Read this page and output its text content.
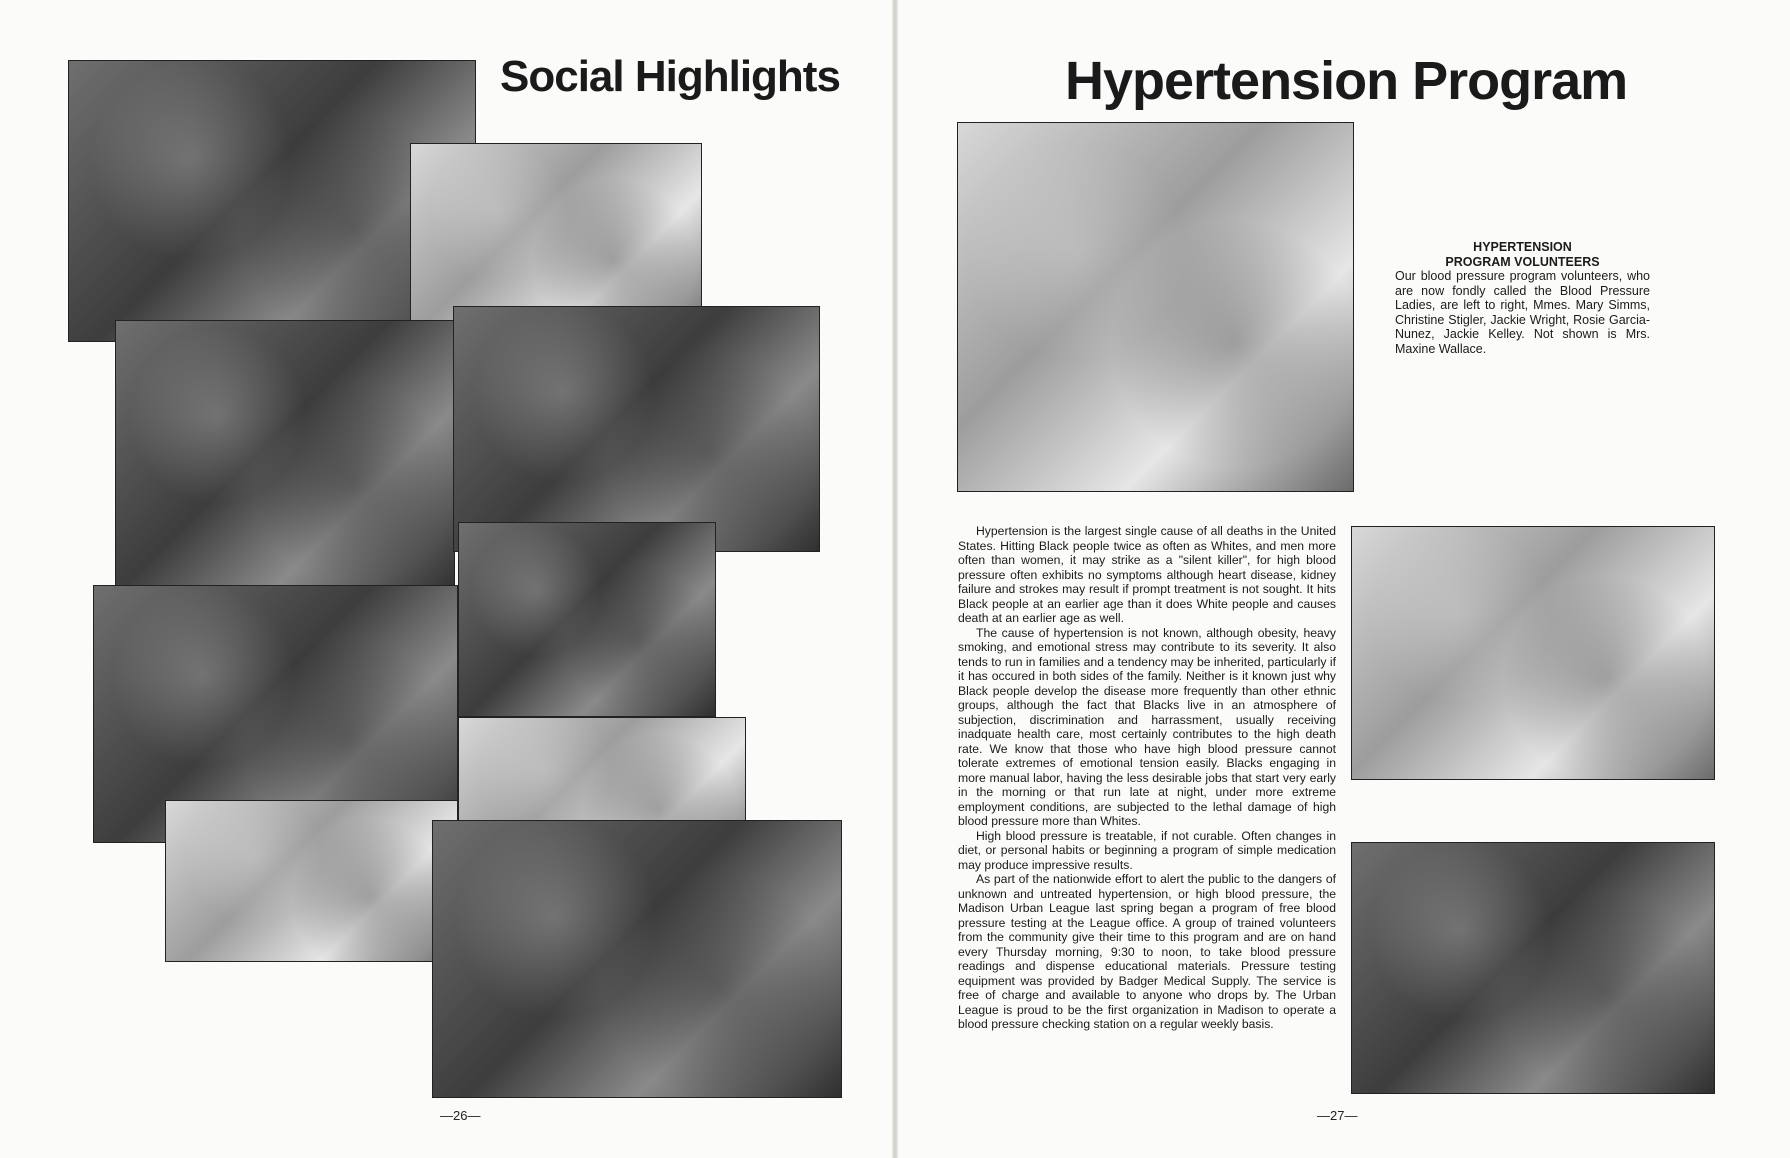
Social Highlights
—26—
Hypertension Program

HYPERTENSION

PROGRAM VOLUNTEERS

Our blood pressure program volunteers, who are now fondly called the Blood Pressure Ladies, are left to right, Mmes. Mary Simms, Christine Stigler, Jackie Wright, Rosie Garcia-Nunez, Jackie Kelley. Not shown is Mrs. Maxine Wallace.

Hypertension is the largest single cause of all deaths in the United States. Hitting Black people twice as often as Whites, and men more often than women, it may strike as a "silent killer", for high blood pressure often exhibits no symptoms although heart disease, kidney failure and strokes may result if prompt treatment is not sought. It hits Black people at an earlier age than it does White people and causes death at an earlier age as well.

The cause of hypertension is not known, although obesity, heavy smoking, and emotional stress may contribute to its severity. It also tends to run in families and a tendency may be inherited, particularly if it has occured in both sides of the family. Neither is it known just why Black people develop the disease more frequently than other ethnic groups, although the fact that Blacks live in an atmosphere of subjection, discrimination and harrassment, usually receiving inadquate health care, most certainly contributes to the high death rate. We know that those who have high blood pressure cannot tolerate extremes of emotional tension easily. Blacks engaging in more manual labor, having the less desirable jobs that start very early in the morning or that run late at night, under more extreme employment conditions, are subjected to the lethal damage of high blood pressure more than Whites.

High blood pressure is treatable, if not curable. Often changes in diet, or personal habits or beginning a program of simple medication may produce impressive results.

As part of the nationwide effort to alert the public to the dangers of unknown and untreated hypertension, or high blood pressure, the Madison Urban League last spring began a program of free blood pressure testing at the League office. A group of trained volunteers from the community give their time to this program and are on hand every Thursday morning, 9:30 to noon, to take blood pressure readings and dispense educational materials. Pressure testing equipment was provided by Badger Medical Supply. The service is free of charge and available to anyone who drops by. The Urban League is proud to be the first organization in Madison to operate a blood pressure checking station on a regular weekly basis.

—27—
